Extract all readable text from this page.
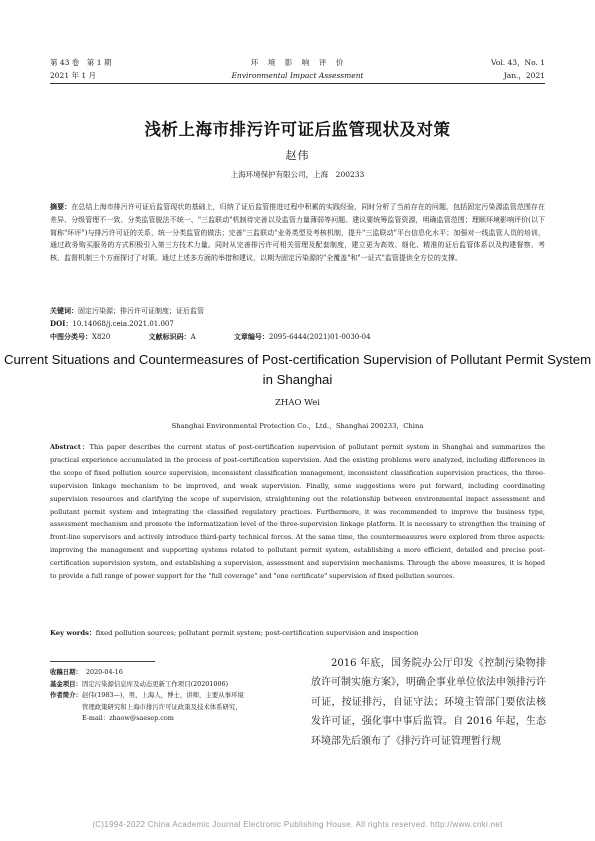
第 43 卷　第 1 期
2021 年 1 月
环　境　影　响　评　价
Environmental Impact Assessment
Vol. 43，No. 1
Jan.，2021
浅析上海市排污许可证后监管现状及对策
赵伟
上海环境保护有限公司，上海　200233
摘要：在总结上海市排污许可证后监管现状的基础上，归纳了证后监管推进过程中积累的实践经验，同时分析了当前存在的问题，包括固定污染源监管范围存在差异、分级管理不一致、分类监管脱法不统一、"三监联动"机制待完善以及监管力量薄弱等问题。建议要统筹监管资源，明确监管范围；理顺环境影响评价(以下简称"环评")与排污许可证的关系，统一分类监管的做法；完善"三监联动"业务类型及考核机制，提升"三监联动"平台信息化水平；加强对一线监管人员的培训，通过政务购买服务的方式积极引入第三方技术力量。同时从完善排污许可相关管理及配套制度，建立更为高效、细化、精准的证后监管体系以及构建督察、考核、监督机制三个方面探讨了对策。通过上述多方面的举措和建议，以期为固定污染源的"全覆盖"和"一证式"监管提供全方位的支撑。
关键词：固定污染源；排污许可证制度；证后监管
DOI：10.14068/j.ceia.2021.01.007
中图分类号：X820	文献标识码：A	文章编号：2095-6444(2021)01-0030-04
Current Situations and Countermeasures of Post-certification Supervision of Pollutant Permit System in Shanghai
ZHAO Wei
Shanghai Environmental Protection Co.，Ltd.，Shanghai 200233，China
Abstract：This paper describes the current status of post-certification supervision of pollutant permit system in Shanghai and summarizes the practical experience accumulated in the process of post-certification supervision. And the existing problems were analyzed, including differences in the scope of fixed pollution source supervision, inconsistent classification management, inconsistent classification supervision practices, the three-supervision linkage mechanism to be improved, and weak supervision. Finally, some suggestions were put forward, including coordinating supervision resources and clarifying the scope of supervision, straightening out the relationship between environmental impact assessment and pollutant permit system and integrating the classified regulatory practices. Furthermore, it was recommended to improve the business type, assessment mechanism and promote the informatization level of the three-supervision linkage platform. It is necessary to strengthen the training of front-line supervisors and actively introduce third-party technical forces. At the same time, the countermeasures were explored from three aspects: improving the management and supporting systems related to pollutant permit system, establishing a more efficient, detailed and precise post-certification supervision system, and establishing a supervision, assessment and supervision mechanisms. Through the above measures, it is hoped to provide a full range of power support for the "full coverage" and "one certificate" supervision of fixed pollution sources.
Key words：fixed pollution sources; pollutant permit system; post-certification supervision and inspection
收稿日期： 2020-04-16
基金项目： 固定污染源信息库及动态更新工作项目(20201006)
作者简介： 赵伟(1983—)，男，上海人，博士，讲师，主要从事环境管理政策研究和上海市排污许可证政策及技术体系研究，E-mail：zhaow@saesep.com
2016 年底，国务院办公厅印发《控制污染物排放许可制实施方案》，明确企事业单位依法申领排污许可证，按证排污，自证守法；环境主管部门要依法核发许可证，强化事中事后监管。自 2016 年起，生态环境部先后颁布了《排污许可证管理暂行规
(C)1994-2022 China Academic Journal Electronic Publishing House. All rights reserved. http://www.cnki.net
